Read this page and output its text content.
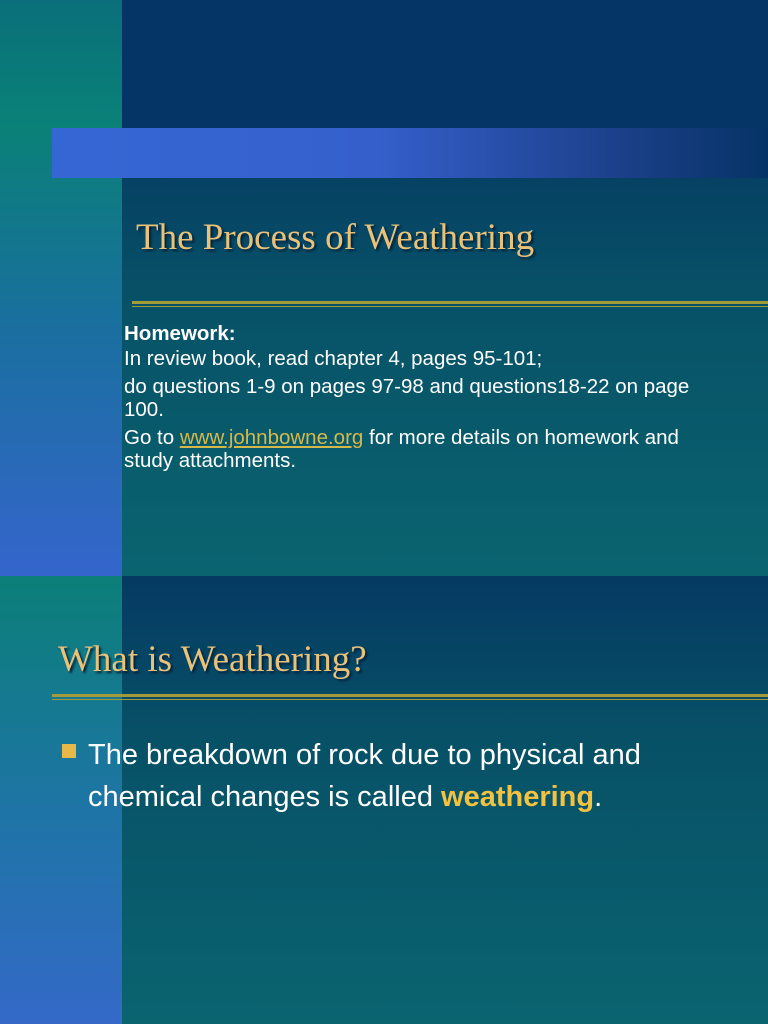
The Process of Weathering

Homework:

In review book, read chapter 4, pages 95-101;

do questions 1-9 on pages 97-98 and questions18-22 on page 100.

Go to www.johnbowne.org for more details on homework and study attachments.

What is Weathering?
The breakdown of rock due to physical and chemical changes is called weathering.
